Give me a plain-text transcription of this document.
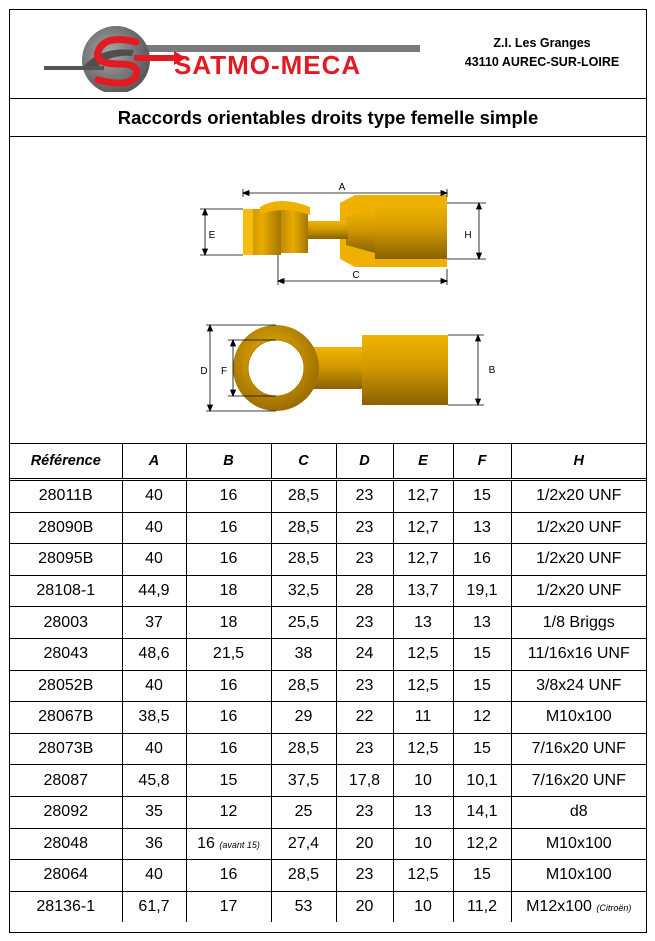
SATMO-MECA
Z.I. Les Granges
43110 AUREC-SUR-LOIRE
Raccords orientables droits type femelle simple
A
C
E	H
D F	B
Référence	A	B	C	D	E	F	H
28011B	40	16	28,5	23	12,7	15	1/2x20 UNF
28090B	40	16	28,5	23	12,7	13	1/2x20 UNF
28095B	40	16	28,5	23	12,7	16	1/2x20 UNF
28108-1	44,9	18	32,5	28	13,7	19,1	1/2x20 UNF
28003	37	18	25,5	23	13	13	1/8 Briggs
28043	48,6	21,5	38	24	12,5	15	11/16x16 UNF
28052B	40	16	28,5	23	12,5	15	3/8x24 UNF
28067B	38,5	16	29	22	11	12	M10x100
28073B	40	16	28,5	23	12,5	15	7/16x20 UNF
28087	45,8	15	37,5	17,8	10	10,1	7/16x20 UNF
28092	35	12	25	23	13	14,1	d8
28048	36	16 (avant 15)	27,4	20	10	12,2	M10x100
28064	40	16	28,5	23	12,5	15	M10x100
28136-1	61,7	17	53	20	10	11,2	M12x100 (Citroën)
